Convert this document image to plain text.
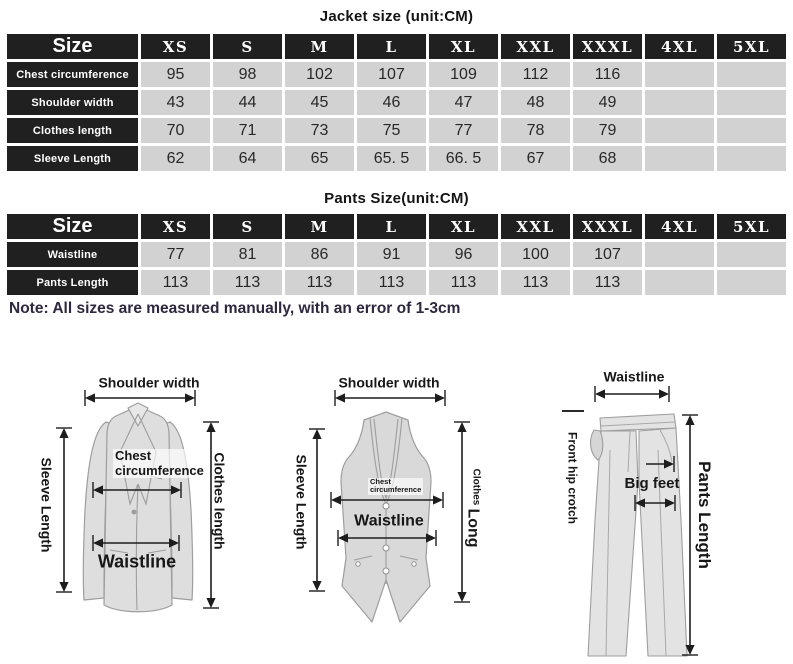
Jacket size (unit:CM)
Pants Size(unit:CM)
Size	XS	S	M	L	XL	XXL	XXXL	4XL	5XL
Chest circumference	95	98	102	107	109	112	116		
Shoulder width	43	44	45	46	47	48	49		
Clothes length	70	71	73	75	77	78	79		
Sleeve Length	62	64	65	65. 5	66. 5	67	68		
Size	XS	S	M	L	XL	XXL	XXXL	4XL	5XL
Waistline	77	81	86	91	96	100	107		
Pants Length	113	113	113	113	113	113	113		
Note: All sizes are measured manually, with an error of 1-3cm
Shoulder width
Sleeve Length
Chest
circumference
Waistline
Clothes length
Shoulder width
Sleeve Length	Chest
circumference
Waistline
Clothes
Long
Waistline
Front hip crotch	Big feet Pants Length
